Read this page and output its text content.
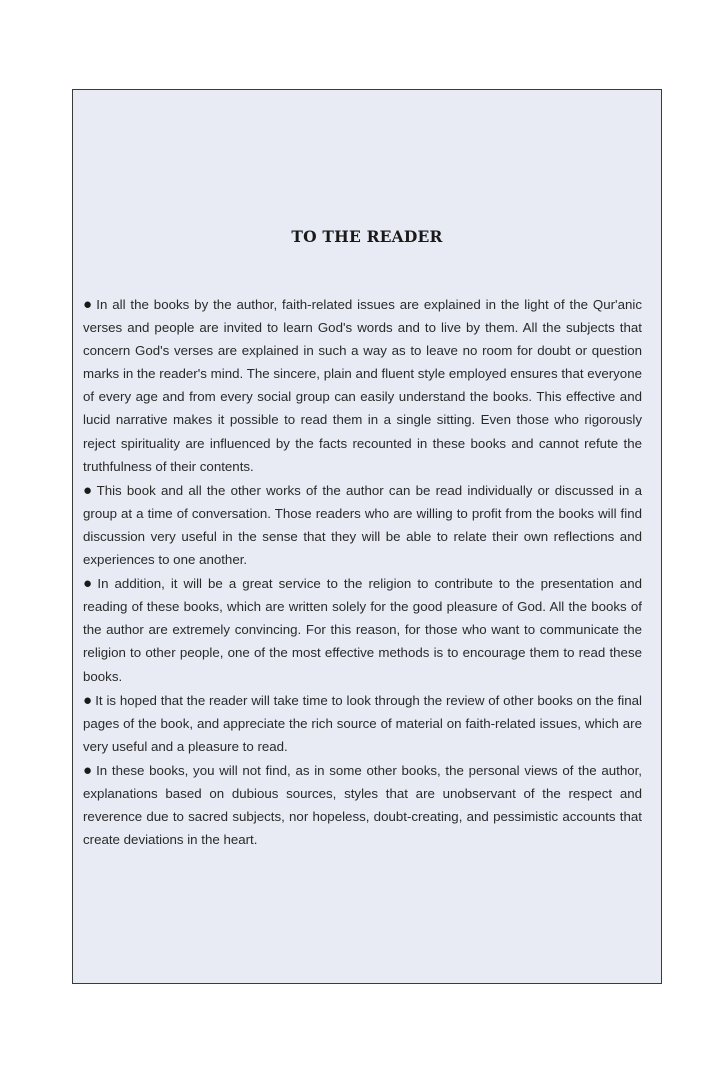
TO THE READER

● In all the books by the author, faith-related issues are explained in the light of the Qur'anic verses and people are invited to learn God's words and to live by them. All the subjects that concern God's verses are explained in such a way as to leave no room for doubt or question marks in the reader's mind. The sincere, plain and fluent style employed ensures that everyone of every age and from every social group can easily understand the books. This effective and lucid narrative makes it possible to read them in a single sitting. Even those who rigorously reject spirituality are influenced by the facts recounted in these books and cannot refute the truthfulness of their contents.

● This book and all the other works of the author can be read individually or discussed in a group at a time of conversation. Those readers who are willing to profit from the books will find discussion very useful in the sense that they will be able to relate their own reflections and experiences to one another.

● In addition, it will be a great service to the religion to contribute to the presentation and reading of these books, which are written solely for the good pleasure of God. All the books of the author are extremely convincing. For this reason, for those who want to communicate the religion to other people, one of the most effective methods is to encourage them to read these books.

● It is hoped that the reader will take time to look through the review of other books on the final pages of the book, and appreciate the rich source of material on faith-related issues, which are very useful and a pleasure to read.

● In these books, you will not find, as in some other books, the personal views of the author, explanations based on dubious sources, styles that are unobservant of the respect and reverence due to sacred subjects, nor hopeless, doubt-creating, and pessimistic accounts that create deviations in the heart.
